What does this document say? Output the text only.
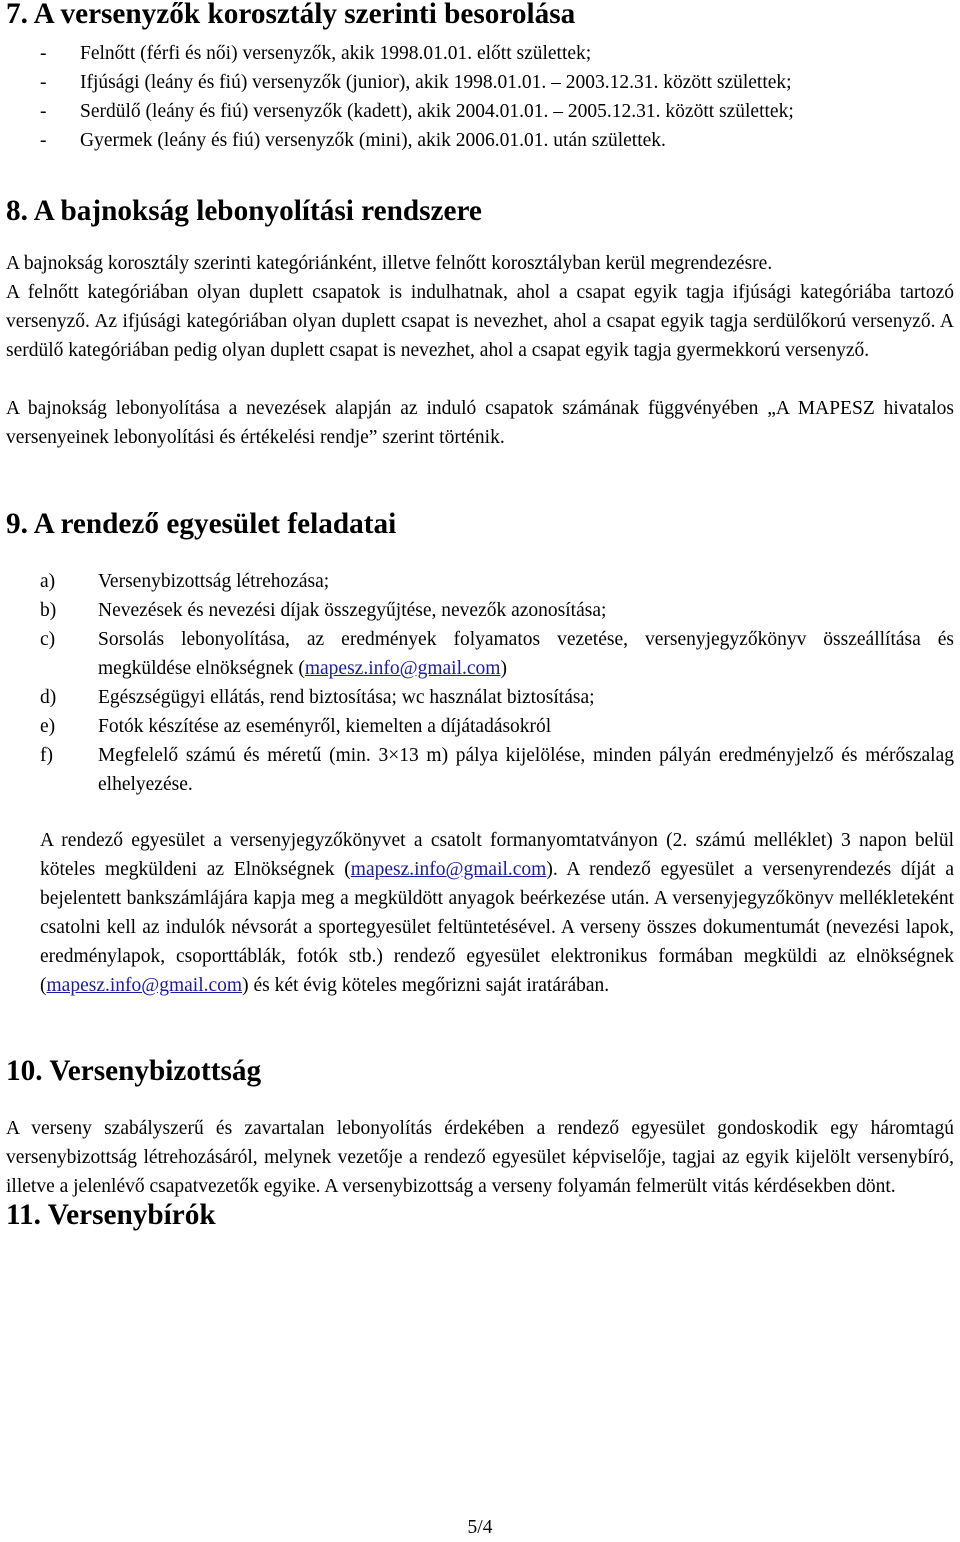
7. A versenyzők korosztály szerinti besorolása
-	Felnőtt (férfi és női) versenyzők, akik 1998.01.01. előtt születtek;
-	Ifjúsági (leány és fiú) versenyzők (junior), akik 1998.01.01. – 2003.12.31. között születtek;
-	Serdülő (leány és fiú) versenyzők (kadett), akik 2004.01.01. – 2005.12.31. között születtek;
-	Gyermek (leány és fiú) versenyzők (mini), akik 2006.01.01. után születtek.
8. A bajnokság lebonyolítási rendszere

A bajnokság korosztály szerinti kategóriánként, illetve felnőtt korosztályban kerül megrendezésre.

A felnőtt kategóriában olyan duplett csapatok is indulhatnak, ahol a csapat egyik tagja ifjúsági kategóriába tartozó versenyző. Az ifjúsági kategóriában olyan duplett csapat is nevezhet, ahol a csapat egyik tagja serdülőkorú versenyző. A serdülő kategóriában pedig olyan duplett csapat is nevezhet, ahol a csapat egyik tagja gyermekkorú versenyző.

A bajnokság lebonyolítása a nevezések alapján az induló csapatok számának függvényében „A MAPESZ hivatalos versenyeinek lebonyolítási és értékelési rendje” szerint történik.

9. A rendező egyesület feladatai
a) Versenybizottság létrehozása;
b) Nevezések és nevezési díjak összegyűjtése, nevezők azonosítása;
c) Sorsolás lebonyolítása, az eredmények folyamatos vezetése, versenyjegyzőkönyv összeállítása és megküldése elnökségnek (mapesz.info@gmail.com)
d) Egészségügyi ellátás, rend biztosítása; wc használat biztosítása;
e) Fotók készítése az eseményről, kiemelten a díjátadásokról
f) Megfelelő számú és méretű (min. 3×13 m) pálya kijelölése, minden pályán eredményjelző és mérőszalag elhelyezése.

A rendező egyesület a versenyjegyzőkönyvet a csatolt formanyomtatványon (2. számú melléklet) 3 napon belül köteles megküldeni az Elnökségnek (mapesz.info@gmail.com). A rendező egyesület a versenyrendezés díját a bejelentett bankszámlájára kapja meg a megküldött anyagok beérkezése után. A versenyjegyzőkönyv mellékleteként csatolni kell az indulók névsorát a sportegyesület feltüntetésével. A verseny összes dokumentumát (nevezési lapok, eredménylapok, csoporttáblák, fotók stb.) rendező egyesület elektronikus formában megküldi az elnökségnek (mapesz.info@gmail.com) és két évig köteles megőrizni saját iratárában.

10. Versenybizottság

A verseny szabályszerű és zavartalan lebonyolítás érdekében a rendező egyesület gondoskodik egy háromtagú versenybizottság létrehozásáról, melynek vezetője a rendező egyesület képviselője, tagjai az egyik kijelölt versenybíró, illetve a jelenlévő csapatvezetők egyike. A versenybizottság a verseny folyamán felmerült vitás kérdésekben dönt.

11. Versenybírók
5/4
